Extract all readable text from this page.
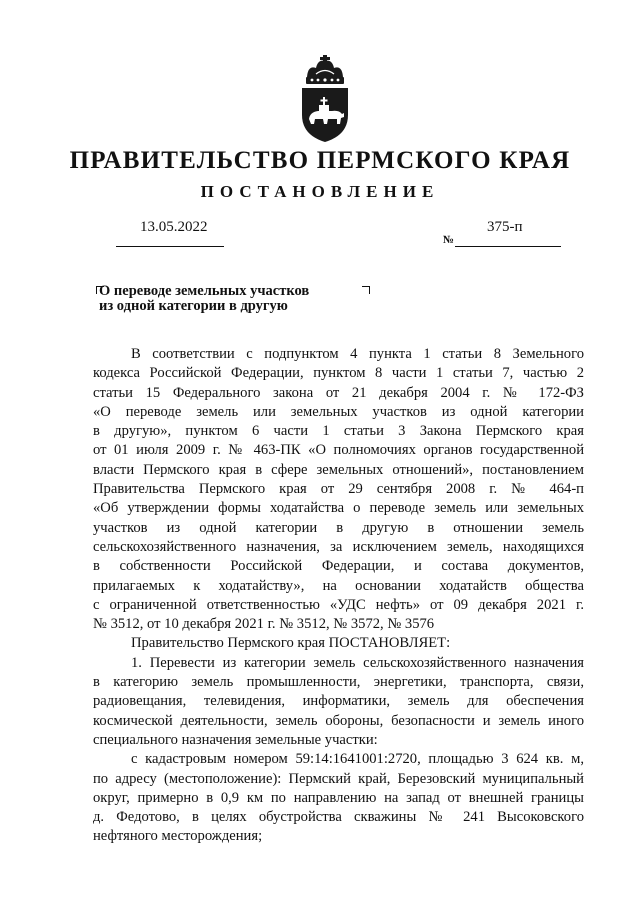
ПРАВИТЕЛЬСТВО ПЕРМСКОГО КРАЯ
ПОСТАНОВЛЕНИЕ
13.05.2022
№
375-п
О переводе земельных участков
из одной категории в другую

В соответствии с подпунктом 4 пункта 1 статьи 8 Земельного
кодекса Российской Федерации, пунктом 8 части 1 статьи 7, частью 2
статьи 15 Федерального закона от 21 декабря 2004 г. № 172-ФЗ
«О переводе земель или земельных участков из одной категории
в другую», пунктом 6 части 1 статьи 3 Закона Пермского края
от 01 июля 2009 г. № 463-ПК «О полномочиях органов государственной
власти Пермского края в сфере земельных отношений», постановлением
Правительства Пермского края от 29 сентября 2008 г. № 464-п
«Об утверждении формы ходатайства о переводе земель или земельных
участков из одной категории в другую в отношении земель
сельскохозяйственного назначения, за исключением земель, находящихся
в собственности Российской Федерации, и состава документов,
прилагаемых к ходатайству», на основании ходатайств общества
с ограниченной ответственностью «УДС нефть» от 09 декабря 2021 г.
№ 3512, от 10 декабря 2021 г. № 3512, № 3572, № 3576

Правительство Пермского края ПОСТАНОВЛЯЕТ:

1. Перевести из категории земель сельскохозяйственного назначения
в категорию земель промышленности, энергетики, транспорта, связи,
радиовещания, телевидения, информатики, земель для обеспечения
космической деятельности, земель обороны, безопасности и земель иного
специального назначения земельные участки:

с кадастровым номером 59:14:1641001:2720, площадью 3 624 кв. м,
по адресу (местоположение): Пермский край, Березовский муниципальный
округ, примерно в 0,9 км по направлению на запад от внешней границы
д. Федотово, в целях обустройства скважины № 241 Высоковского
нефтяного месторождения;
